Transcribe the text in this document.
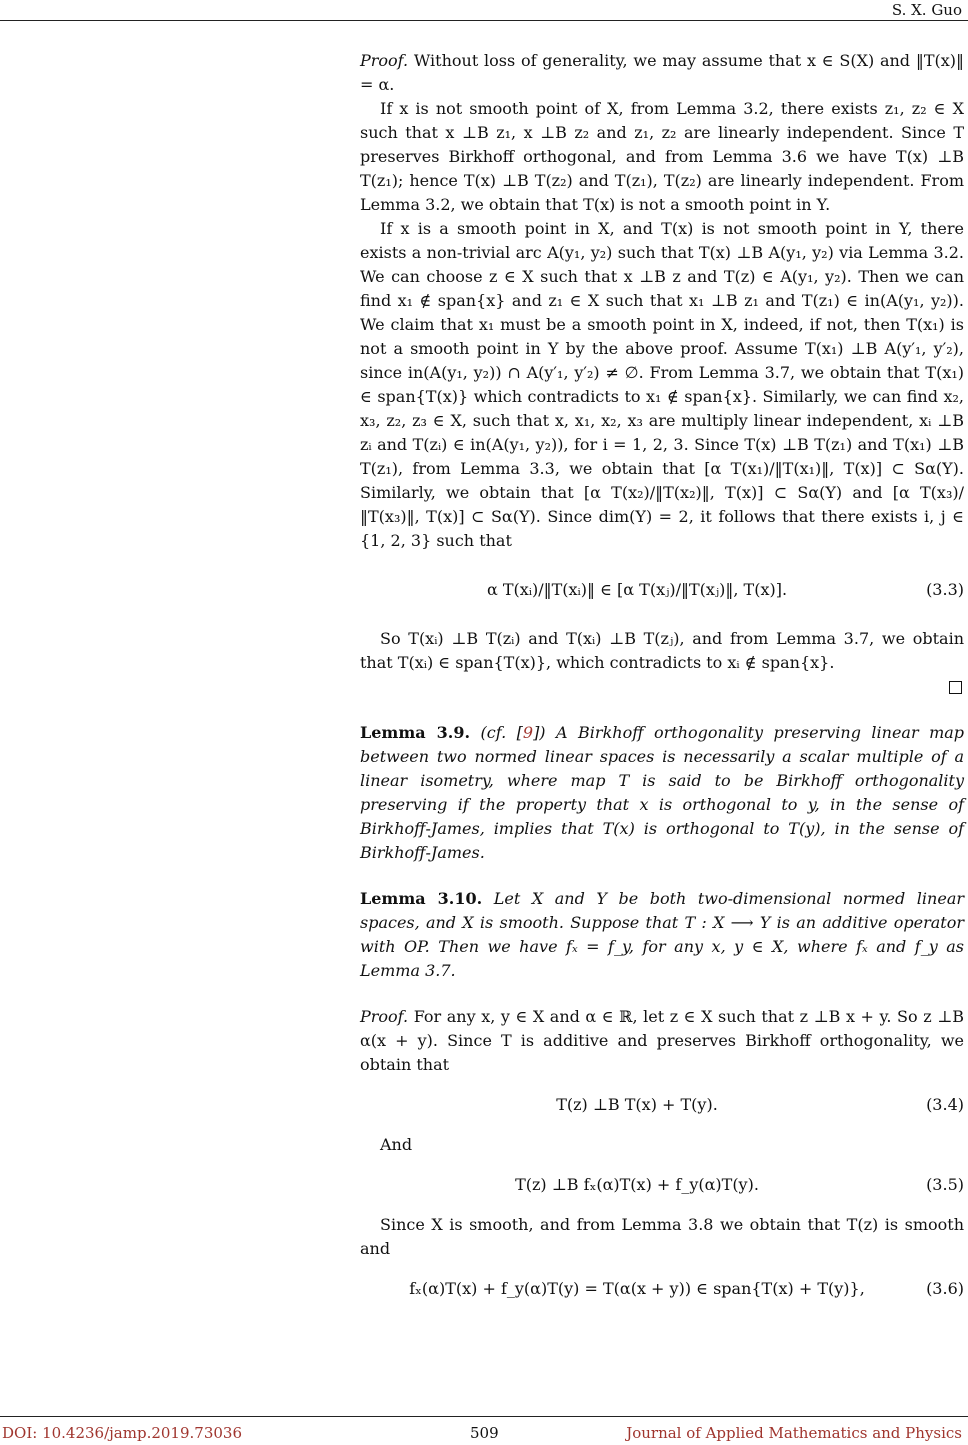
S. X. Guo

Proof. Without loss of generality, we may assume that x ∈ S(X) and ‖T(x)‖ = α.

If x is not smooth point of X, from Lemma 3.2, there exists z₁, z₂ ∈ X such that x ⊥B z₁, x ⊥B z₂ and z₁, z₂ are linearly independent. Since T preserves Birkhoff orthogonal, and from Lemma 3.6 we have T(x) ⊥B T(z₁); hence T(x) ⊥B T(z₂) and T(z₁), T(z₂) are linearly independent. From Lemma 3.2, we obtain that T(x) is not a smooth point in Y.

If x is a smooth point in X, and T(x) is not smooth point in Y, there exists a non-trivial arc A(y₁, y₂) such that T(x) ⊥B A(y₁, y₂) via Lemma 3.2. We can choose z ∈ X such that x ⊥B z and T(z) ∈ A(y₁, y₂). Then we can find x₁ ∉ span{x} and z₁ ∈ X such that x₁ ⊥B z₁ and T(z₁) ∈ in(A(y₁, y₂)). We claim that x₁ must be a smooth point in X, indeed, if not, then T(x₁) is not a smooth point in Y by the above proof. Assume T(x₁) ⊥B A(y′₁, y′₂), since in(A(y₁, y₂)) ∩ A(y′₁, y′₂) ≠ ∅. From Lemma 3.7, we obtain that T(x₁) ∈ span{T(x)} which contradicts to x₁ ∉ span{x}. Similarly, we can find x₂, x₃, z₂, z₃ ∈ X, such that x, x₁, x₂, x₃ are multiply linear independent, xᵢ ⊥B zᵢ and T(zᵢ) ∈ in(A(y₁, y₂)), for i = 1, 2, 3. Since T(x) ⊥B T(z₁) and T(x₁) ⊥B T(z₁), from Lemma 3.3, we obtain that [α T(x₁)/‖T(x₁)‖, T(x)] ⊂ Sα(Y). Similarly, we obtain that [α T(x₂)/‖T(x₂)‖, T(x)] ⊂ Sα(Y) and [α T(x₃)/‖T(x₃)‖, T(x)] ⊂ Sα(Y). Since dim(Y) = 2, it follows that there exists i, j ∈ {1, 2, 3} such that

α T(xᵢ)/‖T(xᵢ)‖ ∈ [α T(xⱼ)/‖T(xⱼ)‖, T(x)].	(3.3)

So T(xᵢ) ⊥B T(zᵢ) and T(xᵢ) ⊥B T(zⱼ), and from Lemma 3.7, we obtain that T(xᵢ) ∈ span{T(x)}, which contradicts to xᵢ ∉ span{x}.

Lemma 3.9. (cf. [9]) A Birkhoff orthogonality preserving linear map between two normed linear spaces is necessarily a scalar multiple of a linear isometry, where map T is said to be Birkhoff orthogonality preserving if the property that x is orthogonal to y, in the sense of Birkhoff-James, implies that T(x) is orthogonal to T(y), in the sense of Birkhoff-James.

Lemma 3.10. Let X and Y be both two-dimensional normed linear spaces, and X is smooth. Suppose that T : X ⟶ Y is an additive operator with OP. Then we have fₓ = f_y, for any x, y ∈ X, where fₓ and f_y as Lemma 3.7.

Proof. For any x, y ∈ X and α ∈ ℝ, let z ∈ X such that z ⊥B x + y. So z ⊥B α(x + y). Since T is additive and preserves Birkhoff orthogonality, we obtain that

T(z) ⊥B T(x) + T(y).	(3.4)

And

T(z) ⊥B fₓ(α)T(x) + f_y(α)T(y).	(3.5)

Since X is smooth, and from Lemma 3.8 we obtain that T(z) is smooth and

fₓ(α)T(x) + f_y(α)T(y) = T(α(x + y)) ∈ span{T(x) + T(y)},	(3.6)
DOI: 10.4236/jamp.2019.73036	509	Journal of Applied Mathematics and Physics
